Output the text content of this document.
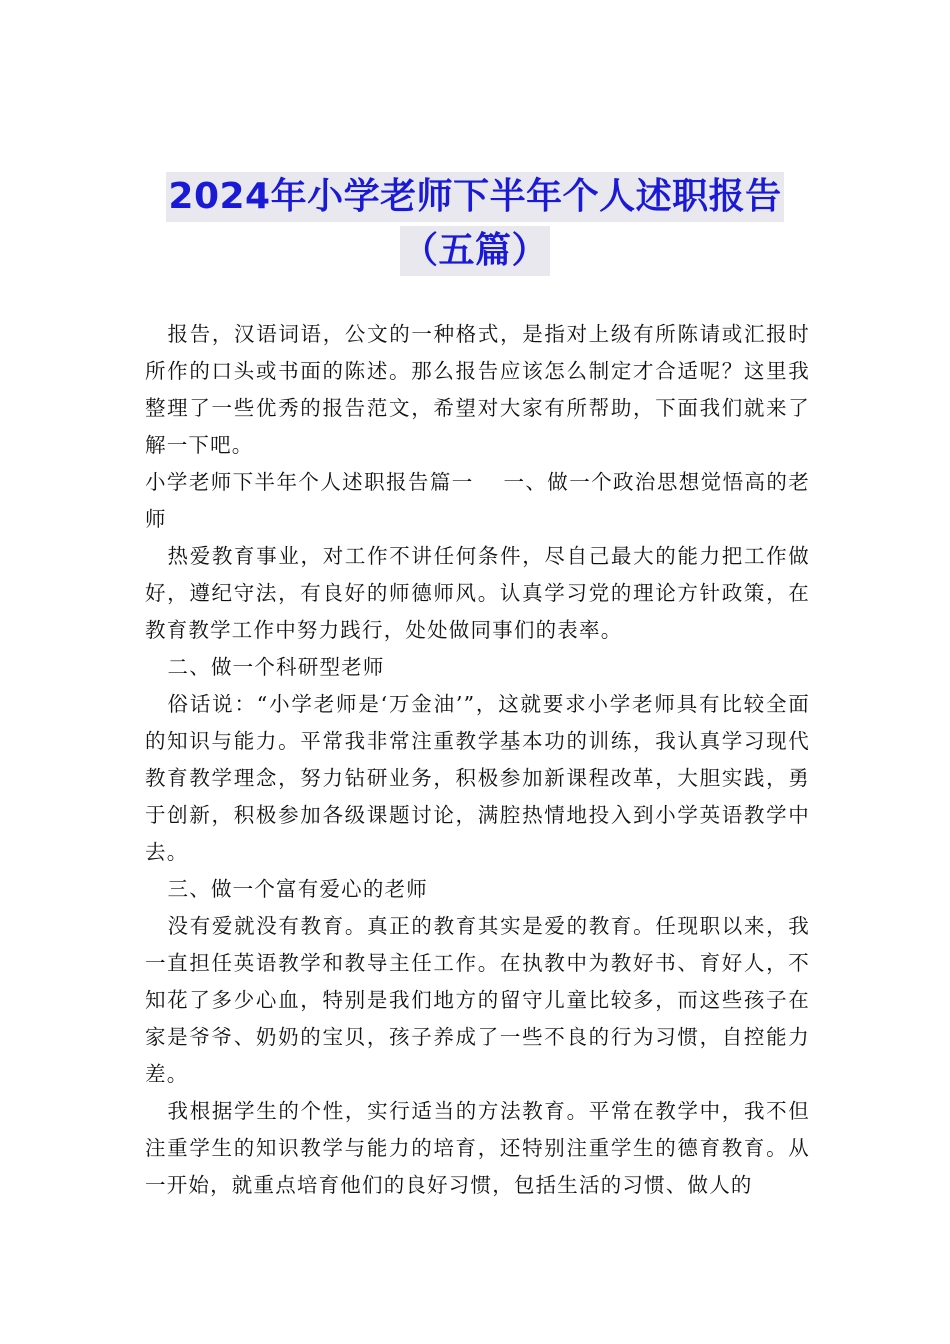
2024年小学老师下半年个人述职报告
（五篇）

报告，汉语词语，公文的一种格式，是指对上级有所陈请或汇报时所作的口头或书面的陈述。那么报告应该怎么制定才合适呢？这里我整理了一些优秀的报告范文，希望对大家有所帮助，下面我们就来了解一下吧。

小学老师下半年个人述职报告篇一　 一、做一个政治思想觉悟高的老师

热爱教育事业，对工作不讲任何条件，尽自己最大的能力把工作做好，遵纪守法，有良好的师德师风。认真学习党的理论方针政策，在教育教学工作中努力践行，处处做同事们的表率。

二、做一个科研型老师

俗话说：“小学老师是‘万金油’”，这就要求小学老师具有比较全面的知识与能力。平常我非常注重教学基本功的训练，我认真学习现代教育教学理念，努力钻研业务，积极参加新课程改革，大胆实践，勇于创新，积极参加各级课题讨论，满腔热情地投入到小学英语教学中去。

三、做一个富有爱心的老师

没有爱就没有教育。真正的教育其实是爱的教育。任现职以来，我一直担任英语教学和教导主任工作。在执教中为教好书、育好人，不知花了多少心血，特别是我们地方的留守儿童比较多，而这些孩子在家是爷爷、奶奶的宝贝，孩子养成了一些不良的行为习惯，自控能力差。

我根据学生的个性，实行适当的方法教育。平常在教学中，我不但注重学生的知识教学与能力的培育，还特别注重学生的德育教育。从一开始，就重点培育他们的良好习惯，包括生活的习惯、做人的
